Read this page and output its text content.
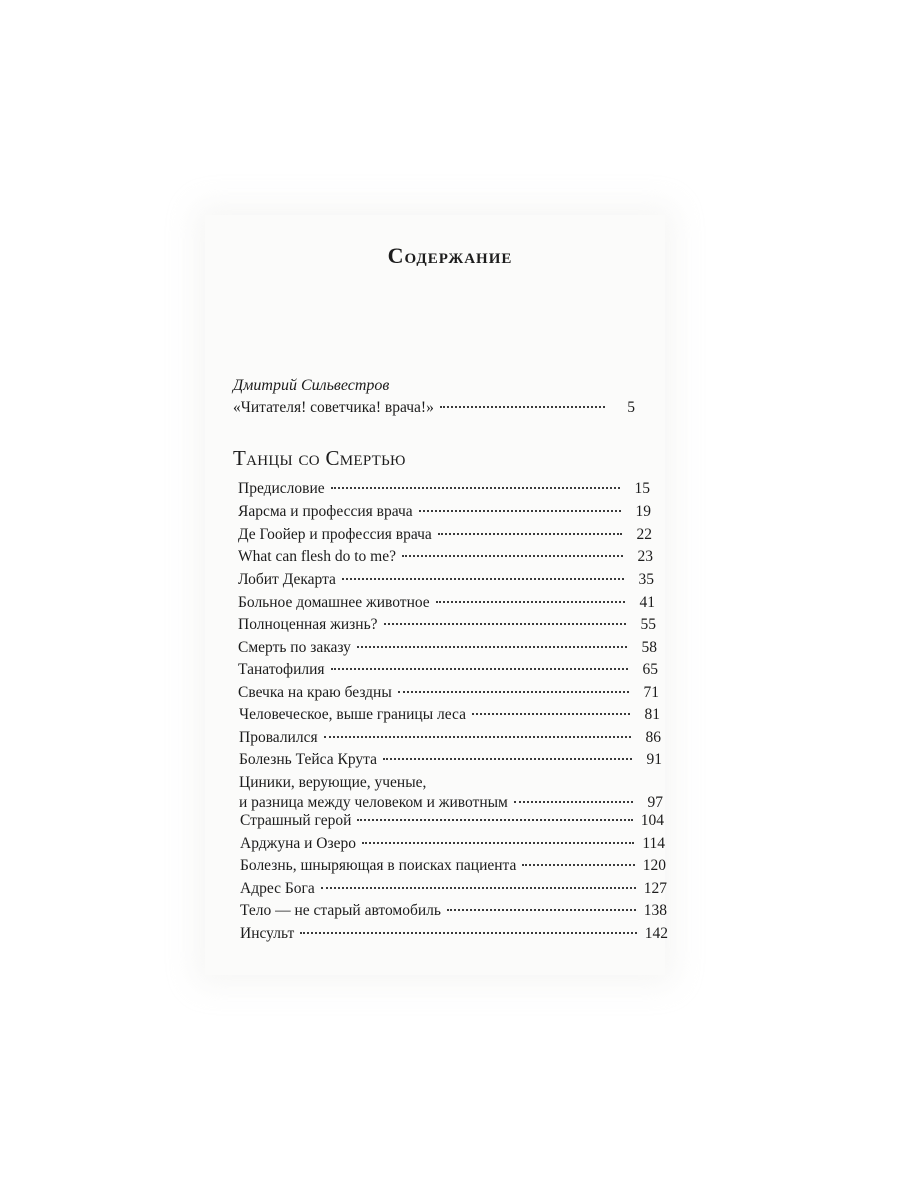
Содержание
Дмитрий Сильвестров
«Читателя! советчика! врача!»	5
Танцы со Смертью
Предисловие	15
Яарсма и профессия врача	19
Де Гоойер и профессия врача	22
What can flesh do to me?	23
Лобит Декарта	35
Больное домашнее животное	41
Полноценная жизнь?	55
Смерть по заказу	58
Танатофилия	65
Свечка на краю бездны	71
Человеческое, выше границы леса	81
Провалился	86
Болезнь Тейса Крута	91
Циники, верующие, ученые,
и разница между человеком и животным	97
Страшный герой	104
Арджуна и Озеро	114
Болезнь, шныряющая в поисках пациента	120
Адрес Бога	127
Тело — не старый автомобиль	138
Инсульт	142
